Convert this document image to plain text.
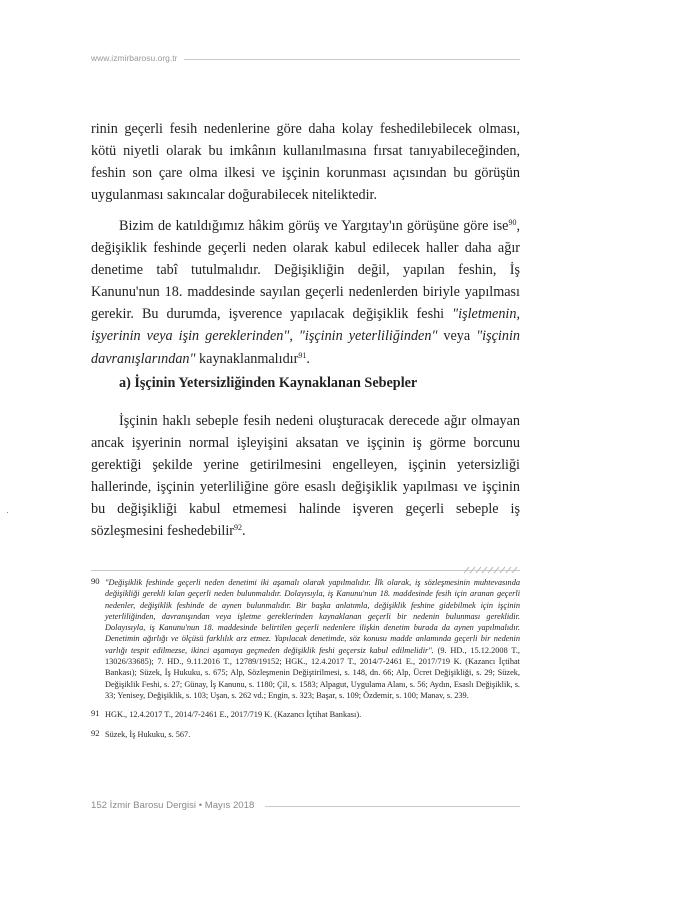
www.izmirbarosu.org.tr

rinin geçerli fesih nedenlerine göre daha kolay feshedilebilecek olması, kötü niyetli olarak bu imkânın kullanılmasına fırsat tanıyabileceğinden, feshin son çare olma ilkesi ve işçinin korunması açısından bu görüşün uygulanması sakıncalar doğurabilecek niteliktedir.

Bizim de katıldığımız hâkim görüş ve Yargıtay'ın görüşüne göre ise$^{90}$, değişiklik feshinde geçerli neden olarak kabul edilecek haller daha ağır denetime tabî tutulmalıdır. Değişikliğin değil, yapılan feshin, İş Kanunu'nun 18. maddesinde sayılan geçerli nedenlerden biriyle yapılması gerekir. Bu durumda, işverence yapılacak değişiklik feshi "işletmenin, işyerinin veya işin gereklerinden", "işçinin yeterliliğinden" veya "işçinin davranışlarından" kaynaklanmalıdır$^{91}$.

a) İşçinin Yetersizliğinden Kaynaklanan Sebepler

İşçinin haklı sebeple fesih nedeni oluşturacak derecede ağır olmayan ancak işyerinin normal işleyişini aksatan ve işçinin iş görme borcunu gerektiği şekilde yerine getirilmesini engelleyen, işçinin yetersizliği hallerinde, işçinin yeterliliğine göre esaslı değişiklik yapılması ve işçinin bu değişikliği kabul etmemesi halinde işveren geçerli sebeple iş sözleşmesini feshedebilir$^{92}$.

90 "Değişiklik feshinde geçerli neden denetimi iki aşamalı olarak yapılmalıdır. İlk olarak, iş sözleşmesinin muhtevasında değişikliği gerekli kılan geçerli neden bulunmalıdır. Dolayısıyla, iş Kanunu'nun 18. maddesinde fesih için aranan geçerli nedenler, değişiklik feshinde de aynen bulunmalıdır. Bir başka anlatımla, değişiklik feshine gidebilmek için işçinin yeterliliğinden, davranışından veya işletme gereklerinden kaynaklanan geçerli bir nedenin bulunması gereklidir. Dolayısıyla, iş Kanunu'nun 18. maddesinde belirtilen geçerli nedenlere ilişkin denetim burada da aynen yapılmalıdır. Denetimin ağırlığı ve ölçüsü farklılık arz etmez. Yapılacak denetimde, söz konusu madde anlamında geçerli bir nedenin varlığı tespit edilmezse, ikinci aşamaya geçmeden değişiklik feshi geçersiz kabul edilmelidir". (9. HD., 15.12.2008 T., 13026/33685); 7. HD., 9.11.2016 T., 12789/19152; HGK., 12.4.2017 T., 2014/7-2461 E., 2017/719 K. (Kazancı İçtihat Bankası); Süzek, İş Hukuku, s. 675; Alp, Sözleşmenin Değiştirilmesi, s. 148, dn. 66; Alp, Ücret Değişikliği, s. 29; Süzek, Değişiklik Feshi, s. 27; Günay, İş Kanunu, s. 1180; Çil, s. 1583; Alpagut, Uygulama Alanı, s. 56; Aydın, Esaslı Değişiklik, s. 33; Yenisey, Değişiklik, s. 103; Uşan, s. 262 vd.; Engin, s. 323; Başar, s. 109; Özdemir, s. 100; Manav, s. 239.
91 HGK., 12.4.2017 T., 2014/7-2461 E., 2017/719 K. (Kazancı İçtihat Bankası).
92 Süzek, İş Hukuku, s. 567.
152 İzmir Barosu Dergisi • Mayıs 2018
